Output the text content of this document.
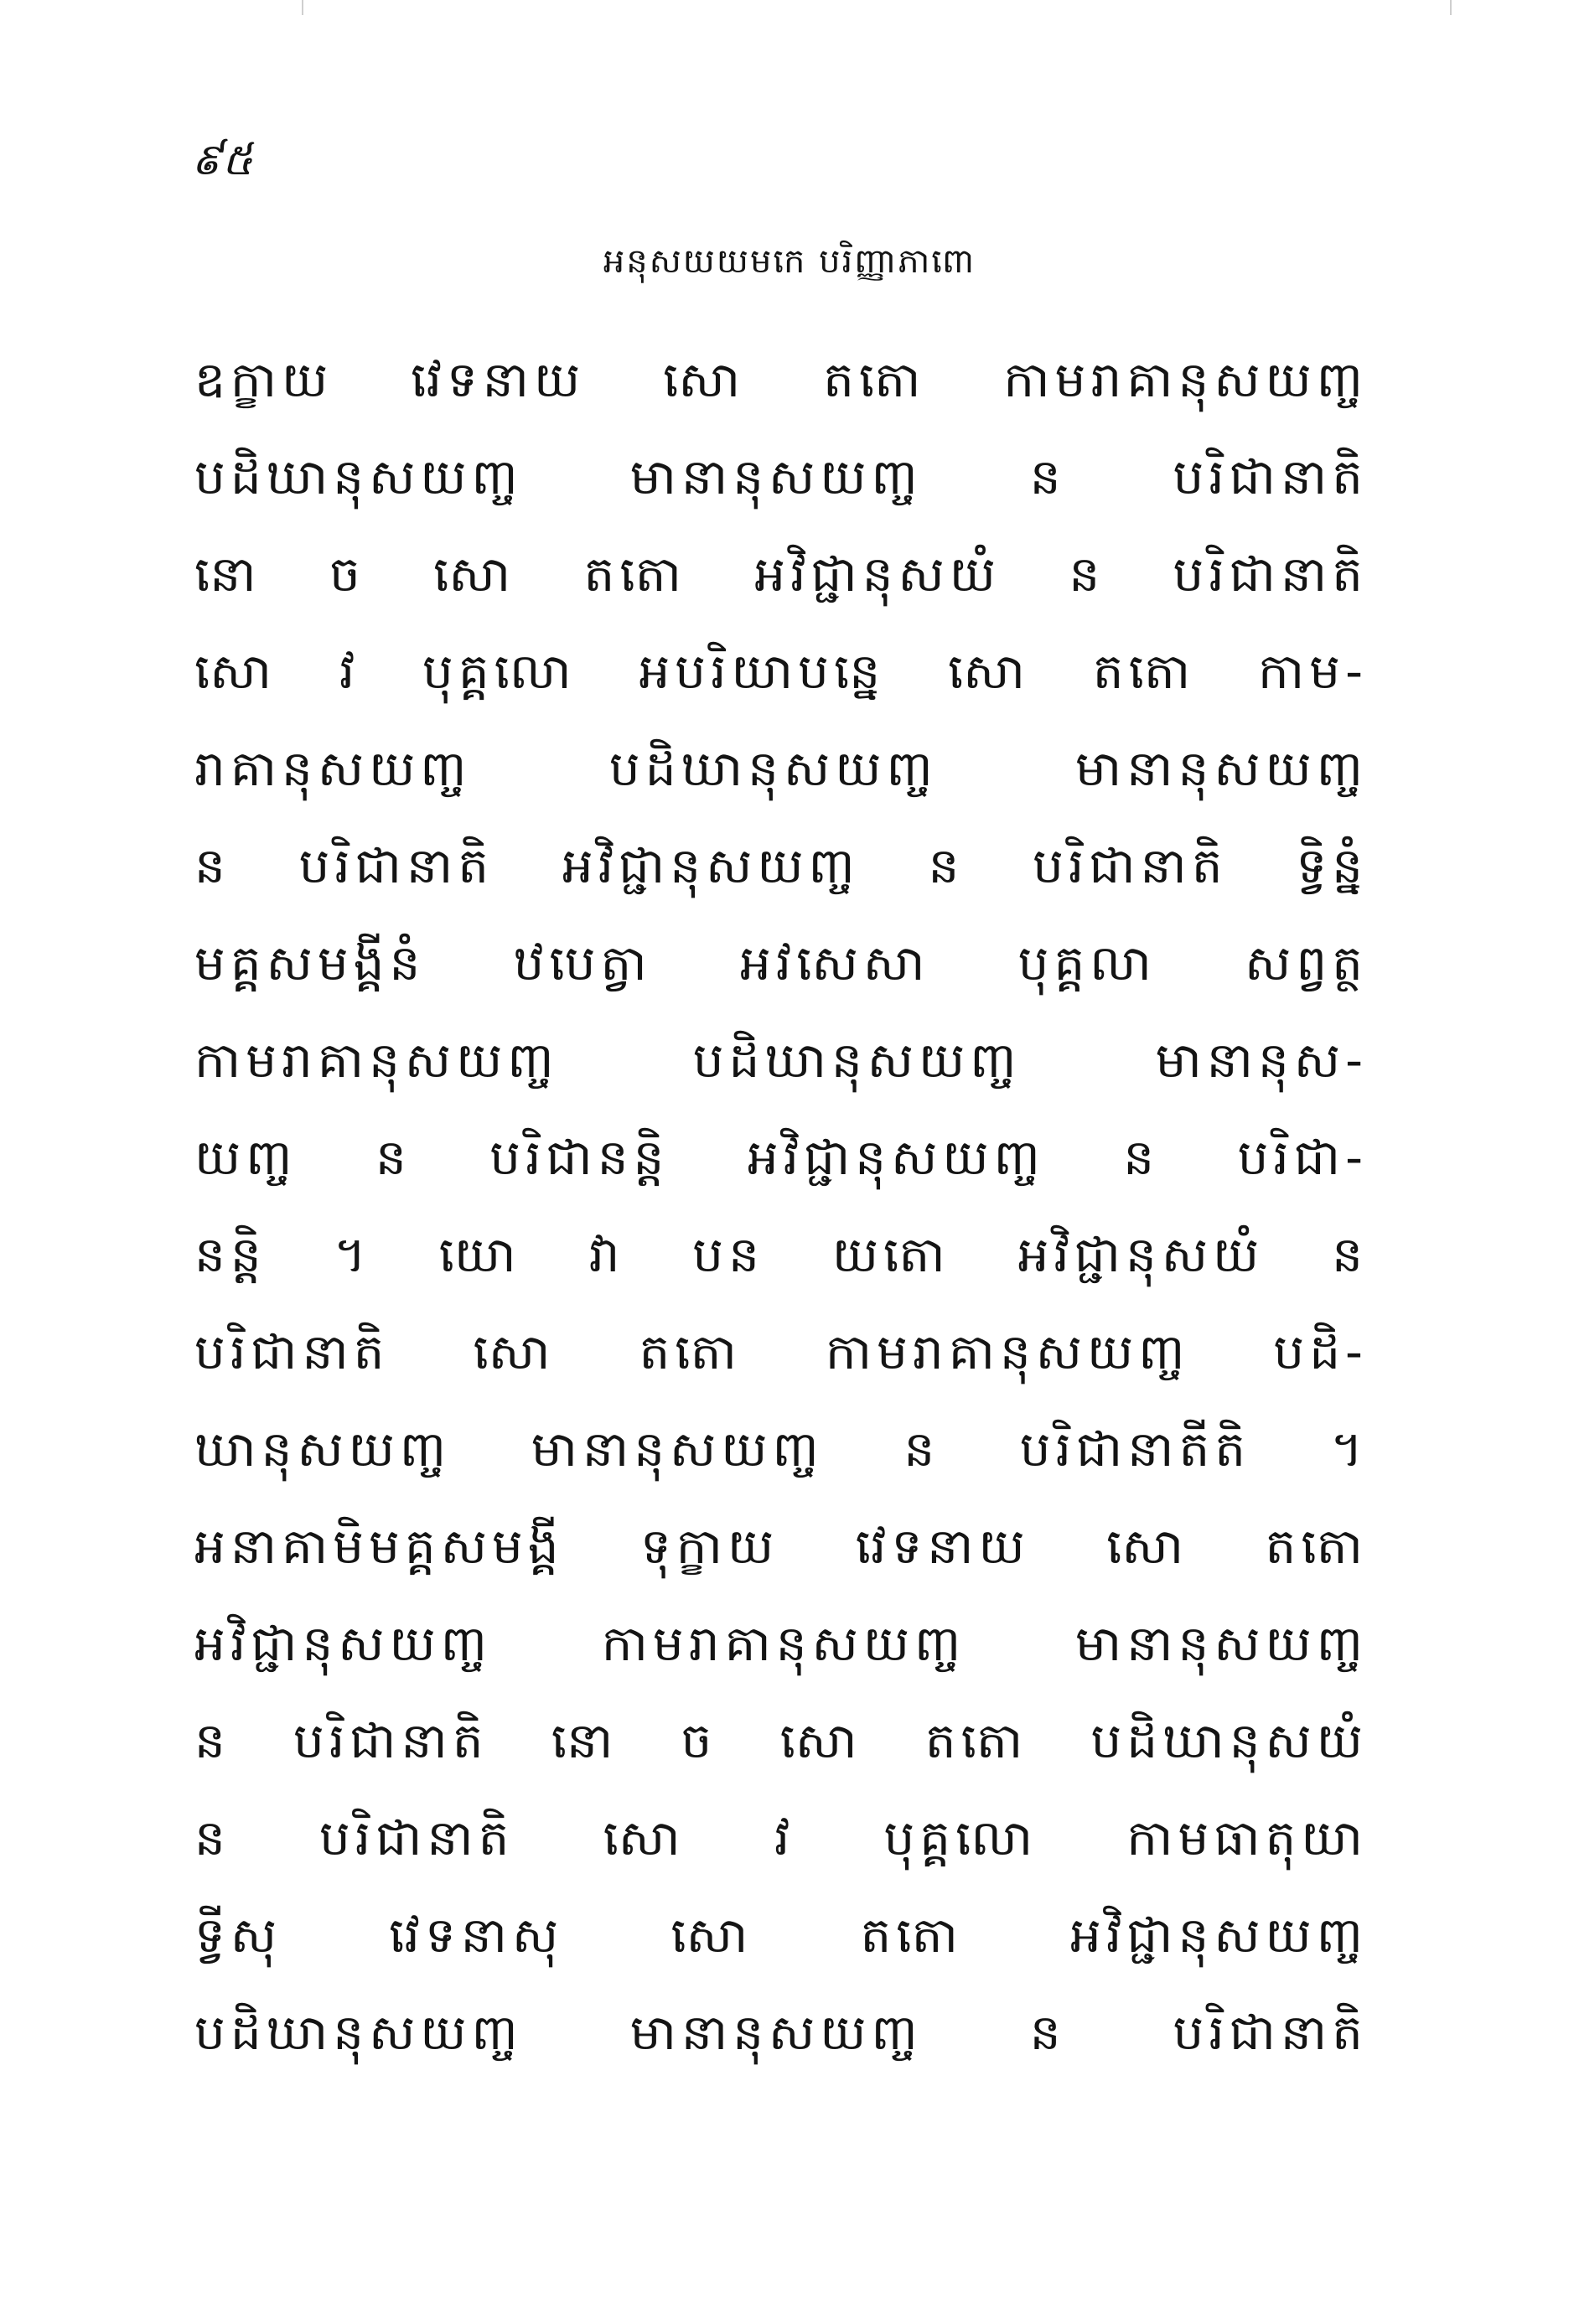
៩៥
អនុសយយមកេ បរិញ្ញាភាពោ
ឧក្ខាយ វេទនាយ សោ តតោ កាមរាគានុសយញ្ច
បដិឃានុសយញ្ច មានានុសយញ្ច ន បរិជានាតិ
នោ ច សោ តតោ អវិជ្ជានុសយំ ន បរិជានាតិ
សោ វ បុគ្គលោ អបរិយាបន្នេ សោ តតោ កាម-
រាគានុសយញ្ច បដិឃានុសយញ្ច មានានុសយញ្ច
ន បរិជានាតិ អវិជ្ជានុសយញ្ច ន បរិជានាតិ ទ្វិន្នំ
មគ្គសមង្គីនំ ឋបេត្វា អវសេសា បុគ្គលា សព្វត្ថ
កាមរាគានុសយញ្ច បដិឃានុសយញ្ច មានានុស-
យញ្ច ន បរិជានន្តិ អវិជ្ជានុសយញ្ច ន បរិជា-
នន្តិ ។ យោ វា បន យតោ អវិជ្ជានុសយំ ន
បរិជានាតិ សោ តតោ កាមរាគានុសយញ្ច បដិ-
ឃានុសយញ្ច មានានុសយញ្ច ន បរិជានាតីតិ ។
អនាគាមិមគ្គសមង្គី ទុក្ខាយ វេទនាយ សោ តតោ
អវិជ្ជានុសយញ្ច កាមរាគានុសយញ្ច មានានុសយញ្ច
ន បរិជានាតិ នោ ច សោ តតោ បដិឃានុសយំ
ន បរិជានាតិ សោ វ បុគ្គលោ កាមធាតុយា
ទ្វីសុ វេទនាសុ សោ តតោ អវិជ្ជានុសយញ្ច
បដិឃានុសយញ្ច មានានុសយញ្ច ន បរិជានាតិ
